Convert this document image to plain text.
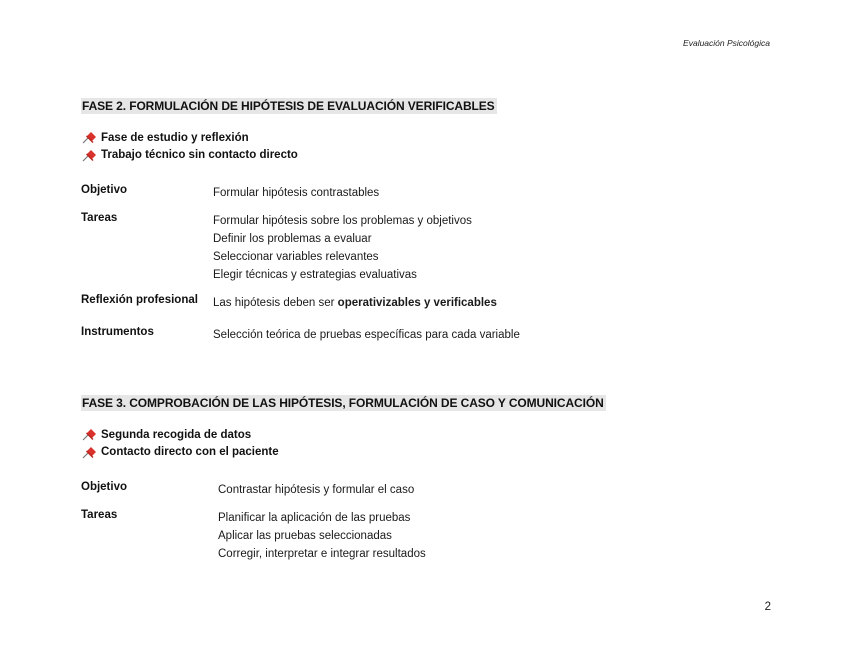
Evaluación Psicológica
FASE 2. FORMULACIÓN DE HIPÓTESIS DE EVALUACIÓN VERIFICABLES
Fase de estudio y reflexión
Trabajo técnico sin contacto directo
Objetivo	Formular hipótesis contrastables
Tareas	Formular hipótesis sobre los problemas y objetivos
Definir los problemas a evaluar
Seleccionar variables relevantes
Elegir técnicas y estrategias evaluativas
Reflexión profesional	Las hipótesis deben ser operativizables y verificables
Instrumentos	Selección teórica de pruebas específicas para cada variable
FASE 3. COMPROBACIÓN DE LAS HIPÓTESIS, FORMULACIÓN DE CASO Y COMUNICACIÓN
Segunda recogida de datos
Contacto directo con el paciente
Objetivo	Contrastar hipótesis y formular el caso
Tareas	Planificar la aplicación de las pruebas
Aplicar las pruebas seleccionadas
Corregir, interpretar e integrar resultados
2
